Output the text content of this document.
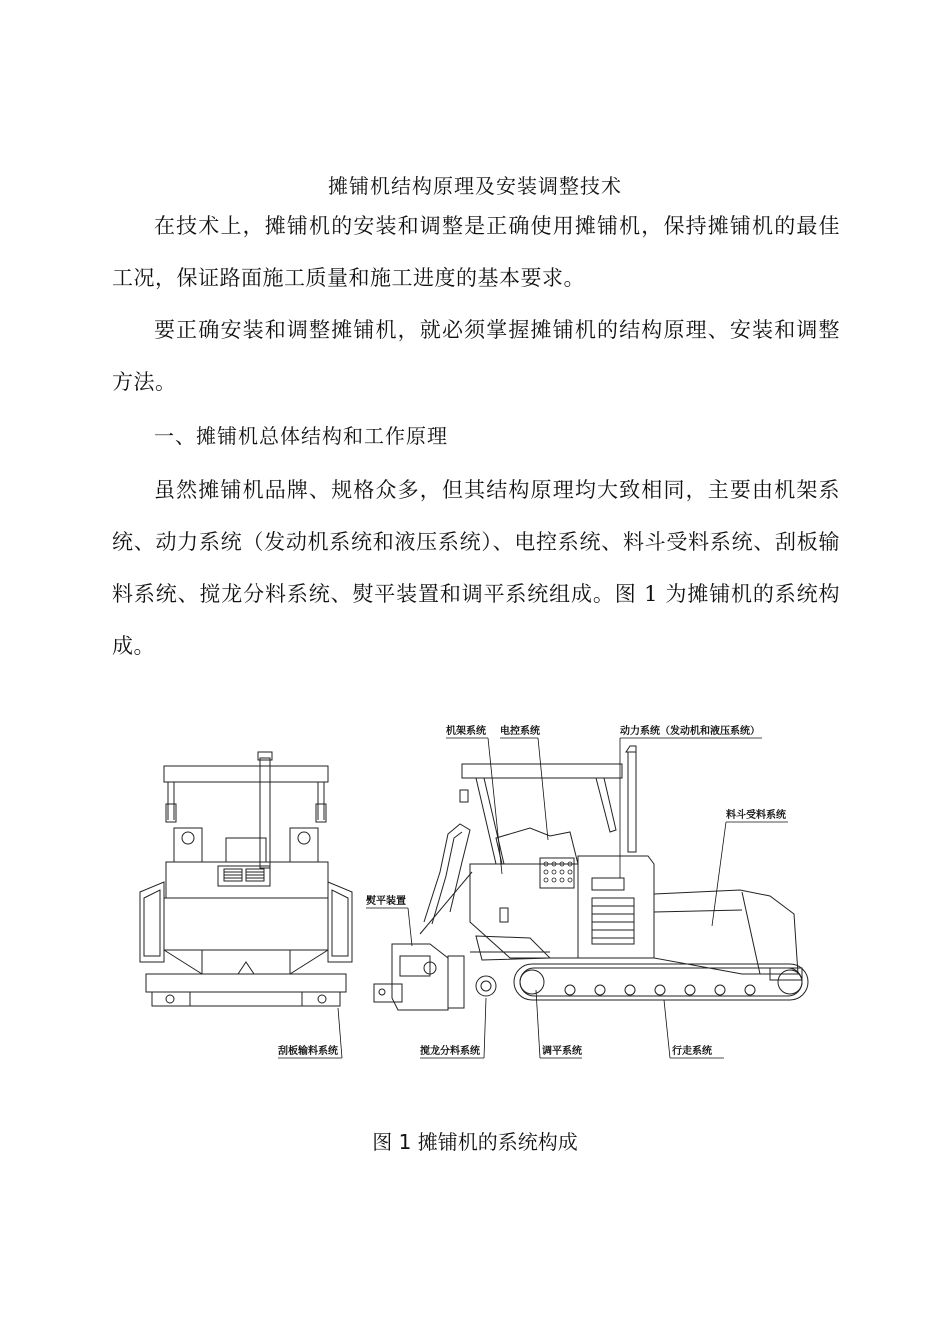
摊铺机结构原理及安装调整技术

在技术上，摊铺机的安装和调整是正确使用摊铺机，保持摊铺机的最佳工况，保证路面施工质量和施工进度的基本要求。

要正确安装和调整摊铺机，就必须掌握摊铺机的结构原理、安装和调整方法。

一、摊铺机总体结构和工作原理

虽然摊铺机品牌、规格众多，但其结构原理均大致相同，主要由机架系统、动力系统（发动机系统和液压系统）、电控系统、料斗受料系统、刮板输料系统、搅龙分料系统、熨平装置和调平系统组成。图 1 为摊铺机的系统构成。

机架系统 电控系统	动力系统（发动机和液压系统）
料斗受料系统
熨平装置
刮板输料系统	搅龙分料系统	调平系统	行走系统
图 1 摊铺机的系统构成
